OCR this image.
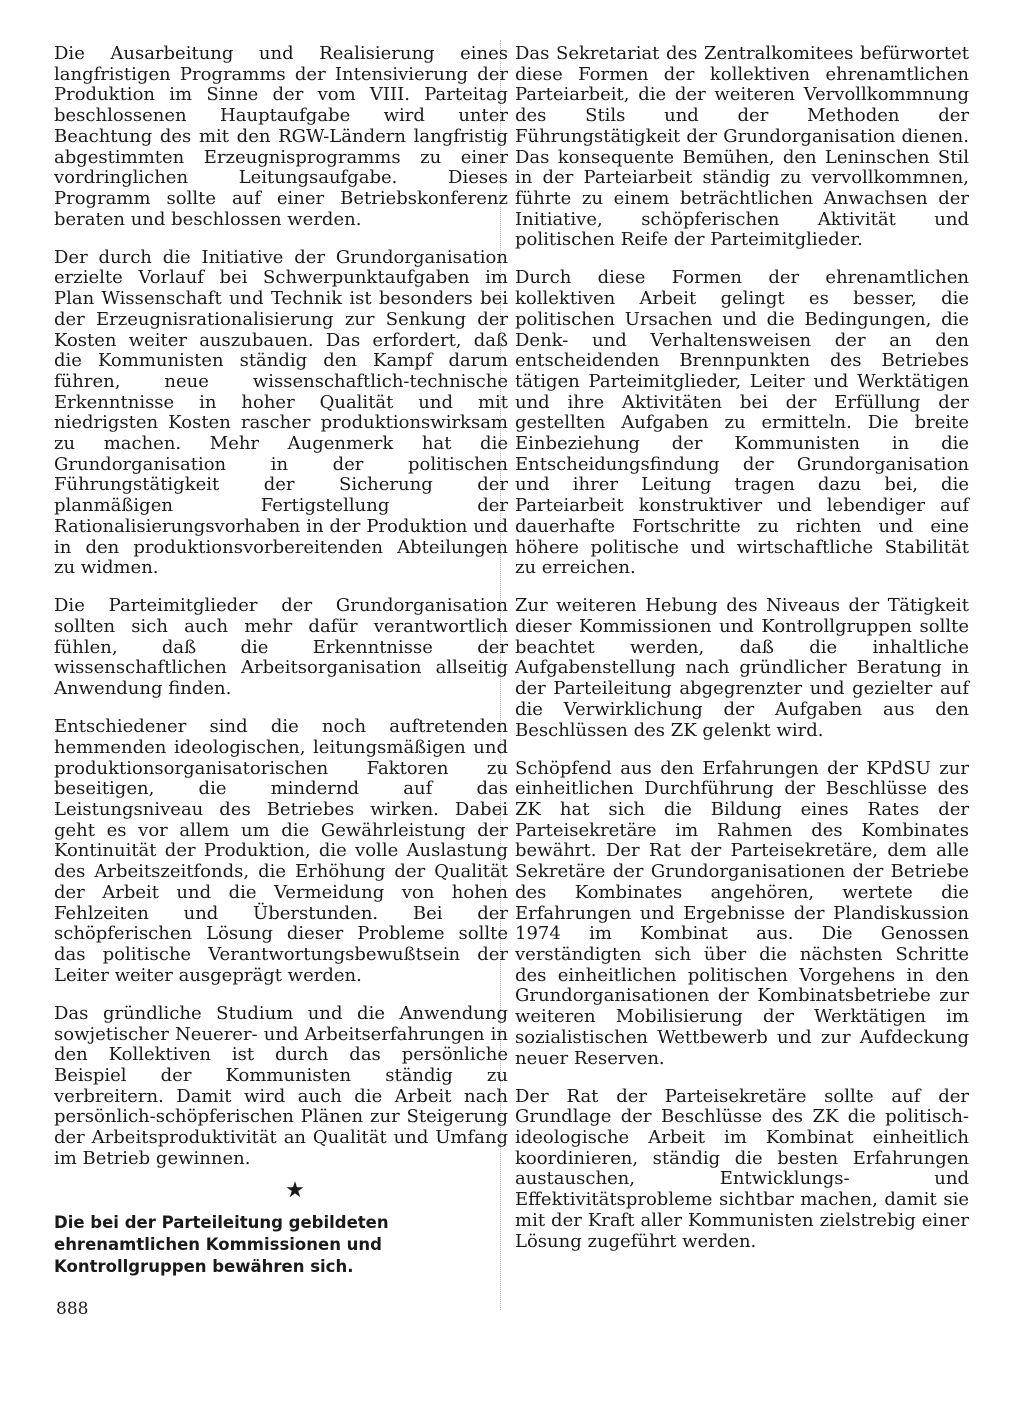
Die Ausarbeitung und Realisierung eines langfristigen Programms der Intensivierung der Produktion im Sinne der vom VIII. Parteitag beschlossenen Hauptaufgabe wird unter Beachtung des mit den RGW-Ländern langfristig abgestimmten Erzeugnisprogramms zu einer vordringlichen Leitungsaufgabe. Dieses Programm sollte auf einer Betriebskonferenz beraten und beschlossen werden.

Der durch die Initiative der Grundorganisation erzielte Vorlauf bei Schwerpunktaufgaben im Plan Wissenschaft und Technik ist besonders bei der Erzeugnisrationalisierung zur Senkung der Kosten weiter auszubauen. Das erfordert, daß die Kommunisten ständig den Kampf darum führen, neue wissenschaftlich-technische Erkenntnisse in hoher Qualität und mit niedrigsten Kosten rascher produktionswirksam zu machen. Mehr Augenmerk hat die Grundorganisation in der politischen Führungstätigkeit der Sicherung der planmäßigen Fertigstellung der Rationalisierungsvorhaben in der Produktion und in den produktionsvorbereitenden Abteilungen zu widmen.

Die Parteimitglieder der Grundorganisation sollten sich auch mehr dafür verantwortlich fühlen, daß die Erkenntnisse der wissenschaftlichen Arbeitsorganisation allseitig Anwendung finden.

Entschiedener sind die noch auftretenden hemmenden ideologischen, leitungsmäßigen und produktionsorganisatorischen Faktoren zu beseitigen, die mindernd auf das Leistungsniveau des Betriebes wirken. Dabei geht es vor allem um die Gewährleistung der Kontinuität der Produktion, die volle Auslastung des Arbeitszeitfonds, die Erhöhung der Qualität der Arbeit und die Vermeidung von hohen Fehlzeiten und Überstunden. Bei der schöpferischen Lösung dieser Probleme sollte das politische Verantwortungsbewußtsein der Leiter weiter ausgeprägt werden.

Das gründliche Studium und die Anwendung sowjetischer Neuerer- und Arbeitserfahrungen in den Kollektiven ist durch das persönliche Beispiel der Kommunisten ständig zu verbreitern. Damit wird auch die Arbeit nach persönlich-schöpferischen Plänen zur Steigerung der Arbeitsproduktivität an Qualität und Umfang im Betrieb gewinnen.

★
Die bei der Parteileitung gebildeten ehrenamtlichen Kommissionen und Kontrollgruppen bewähren sich.

Das Sekretariat des Zentralkomitees befürwortet diese Formen der kollektiven ehrenamtlichen Parteiarbeit, die der weiteren Vervollkommnung des Stils und der Methoden der Führungstätigkeit der Grundorganisation dienen. Das konsequente Bemühen, den Leninschen Stil in der Parteiarbeit ständig zu vervollkommnen, führte zu einem beträchtlichen Anwachsen der Initiative, schöpferischen Aktivität und politischen Reife der Parteimitglieder.

Durch diese Formen der ehrenamtlichen kollektiven Arbeit gelingt es besser, die politischen Ursachen und die Bedingungen, die Denk- und Verhaltensweisen der an den entscheidenden Brennpunkten des Betriebes tätigen Parteimitglieder, Leiter und Werktätigen und ihre Aktivitäten bei der Erfüllung der gestellten Aufgaben zu ermitteln. Die breite Einbeziehung der Kommunisten in die Entscheidungsfindung der Grundorganisation und ihrer Leitung tragen dazu bei, die Parteiarbeit konstruktiver und lebendiger auf dauerhafte Fortschritte zu richten und eine höhere politische und wirtschaftliche Stabilität zu erreichen.

Zur weiteren Hebung des Niveaus der Tätigkeit dieser Kommissionen und Kontrollgruppen sollte beachtet werden, daß die inhaltliche Aufgabenstellung nach gründlicher Beratung in der Parteileitung abgegrenzter und gezielter auf die Verwirklichung der Aufgaben aus den Beschlüssen des ZK gelenkt wird.

Schöpfend aus den Erfahrungen der KPdSU zur einheitlichen Durchführung der Beschlüsse des ZK hat sich die Bildung eines Rates der Parteisekretäre im Rahmen des Kombinates bewährt. Der Rat der Parteisekretäre, dem alle Sekretäre der Grundorganisationen der Betriebe des Kombinates angehören, wertete die Erfahrungen und Ergebnisse der Plandiskussion 1974 im Kombinat aus. Die Genossen verständigten sich über die nächsten Schritte des einheitlichen politischen Vorgehens in den Grundorganisationen der Kombinatsbetriebe zur weiteren Mobilisierung der Werktätigen im sozialistischen Wettbewerb und zur Aufdeckung neuer Reserven.

Der Rat der Parteisekretäre sollte auf der Grundlage der Beschlüsse des ZK die politisch-ideologische Arbeit im Kombinat einheitlich koordinieren, ständig die besten Erfahrungen austauschen, Entwicklungs- und Effektivitätsprobleme sichtbar machen, damit sie mit der Kraft aller Kommunisten zielstrebig einer Lösung zugeführt werden.

888
